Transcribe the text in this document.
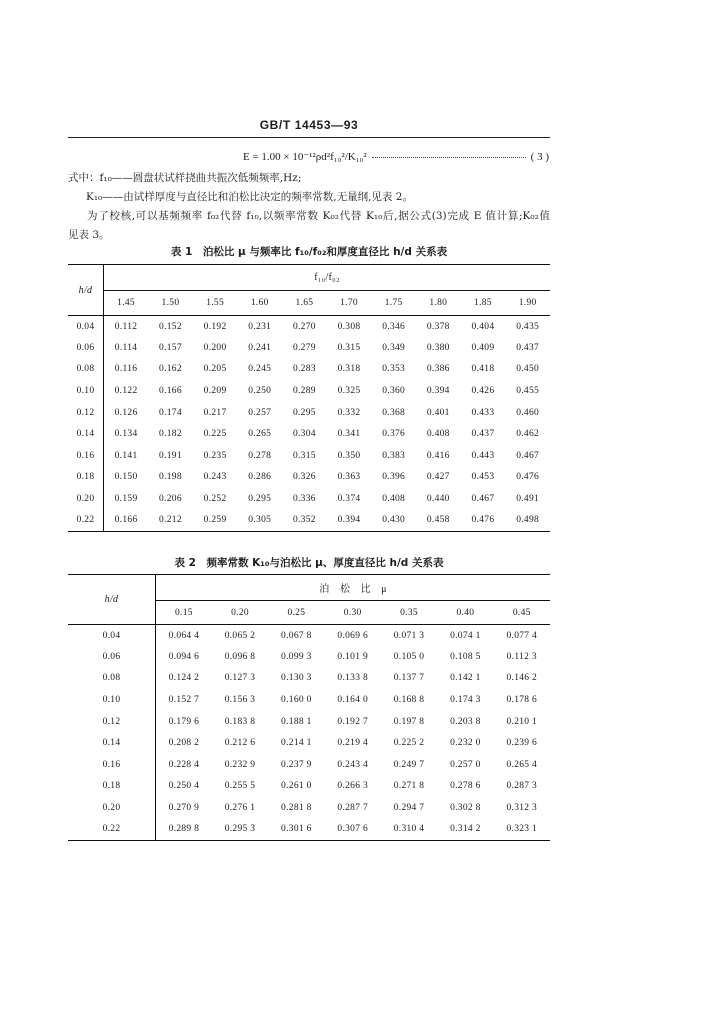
GB/T 14453—93
E = 1.00 × 10⁻¹²ρd²f₁₀²/K₁₀²	( 3 )
式中：f₁₀——圆盘状试样挠曲共振次低频频率,Hz;
K₁₀——由试样厚度与直径比和泊松比决定的频率常数,无量纲,见表 2。
为了校核,可以基频频率 f₀₂代替 f₁₀,以频率常数 K₀₂代替 K₁₀后,据公式(3)完成 E 值计算;K₀₂值
见表 3。
表 1　泊松比 μ 与频率比 f₁₀/f₀₂和厚度直径比 h/d 关系表
h/d	f₁₀/f₀₂									
	1.45	1.50	1.55	1.60	1.65	1.70	1.75	1.80	1.85	1.90
0.04	0.112	0.152	0.192	0.231	0.270	0.308	0.346	0.378	0.404	0.435
0.06	0.114	0.157	0.200	0.241	0.279	0.315	0.349	0.380	0.409	0.437
0.08	0.116	0.162	0.205	0.245	0.283	0.318	0.353	0.386	0.418	0.450
0.10	0.122	0.166	0.209	0.250	0.289	0.325	0.360	0.394	0.426	0.455
0.12	0.126	0.174	0.217	0.257	0.295	0.332	0.368	0.401	0.433	0.460
0.14	0.134	0.182	0.225	0.265	0.304	0.341	0.376	0.408	0.437	0.462
0.16	0.141	0.191	0.235	0.278	0.315	0.350	0.383	0.416	0.443	0.467
0.18	0.150	0.198	0.243	0.286	0.326	0.363	0.396	0.427	0.453	0.476
0.20	0.159	0.206	0.252	0.295	0.336	0.374	0.408	0.440	0.467	0.491
0.22	0.166	0.212	0.259	0.305	0.352	0.394	0.430	0.458	0.476	0.498
表 2　频率常数 K₁₀与泊松比 μ、厚度直径比 h/d 关系表
h/d	泊　松　比　μ						
	0.15	0.20	0.25	0.30	0.35	0.40	0.45
0.04	0.064 4	0.065 2	0.067 8	0.069 6	0.071 3	0.074 1	0.077 4
0.06	0.094 6	0.096 8	0.099 3	0.101 9	0.105 0	0.108 5	0.112 3
0.08	0.124 2	0.127 3	0.130 3	0.133 8	0.137 7	0.142 1	0.146 2
0.10	0.152 7	0.156 3	0.160 0	0.164 0	0.168 8	0.174 3	0.178 6
0.12	0.179 6	0.183 8	0.188 1	0.192 7	0.197 8	0.203 8	0.210 1
0.14	0.208 2	0.212 6	0.214 1	0.219 4	0.225 2	0.232 0	0.239 6
0.16	0.228 4	0.232 9	0.237 9	0.243 4	0.249 7	0.257 0	0.265 4
0.18	0.250 4	0.255 5	0.261 0	0.266 3	0.271 8	0.278 6	0.287 3
0.20	0.270 9	0.276 1	0.281 8	0.287 7	0.294 7	0.302 8	0.312 3
0.22	0.289 8	0.295 3	0.301 6	0.307 6	0.310 4	0.314 2	0.323 1
